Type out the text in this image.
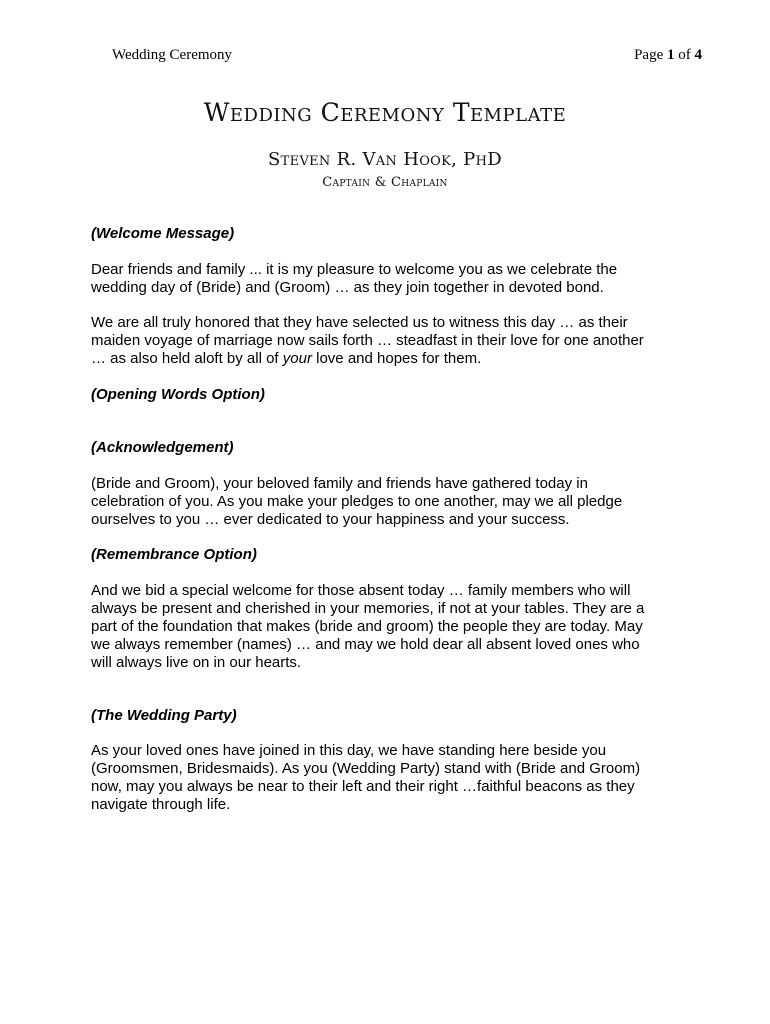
Wedding Ceremony	Page 1 of 4
Wedding Ceremony Template
Steven R. Van Hook, PhD
Captain & Chaplain
(Welcome Message)
Dear friends and family ... it is my pleasure to welcome you as we celebrate the wedding day of (Bride) and (Groom) … as they join together in devoted bond.
We are all truly honored that they have selected us to witness this day … as their maiden voyage of marriage now sails forth … steadfast in their love for one another … as also held aloft by all of your love and hopes for them.
(Opening Words Option)
(Acknowledgement)
(Bride and Groom), your beloved family and friends have gathered today in celebration of you. As you make your pledges to one another, may we all pledge ourselves to you … ever dedicated to your happiness and your success.
(Remembrance Option)
And we bid a special welcome for those absent today … family members who will always be present and cherished in your memories, if not at your tables. They are a part of the foundation that makes (bride and groom) the people they are today. May we always remember (names) … and may we hold dear all absent loved ones who will always live on in our hearts.
(The Wedding Party)
As your loved ones have joined in this day, we have standing here beside you (Groomsmen, Bridesmaids). As you (Wedding Party) stand with (Bride and Groom) now, may you always be near to their left and their right …faithful beacons as they navigate through life.
